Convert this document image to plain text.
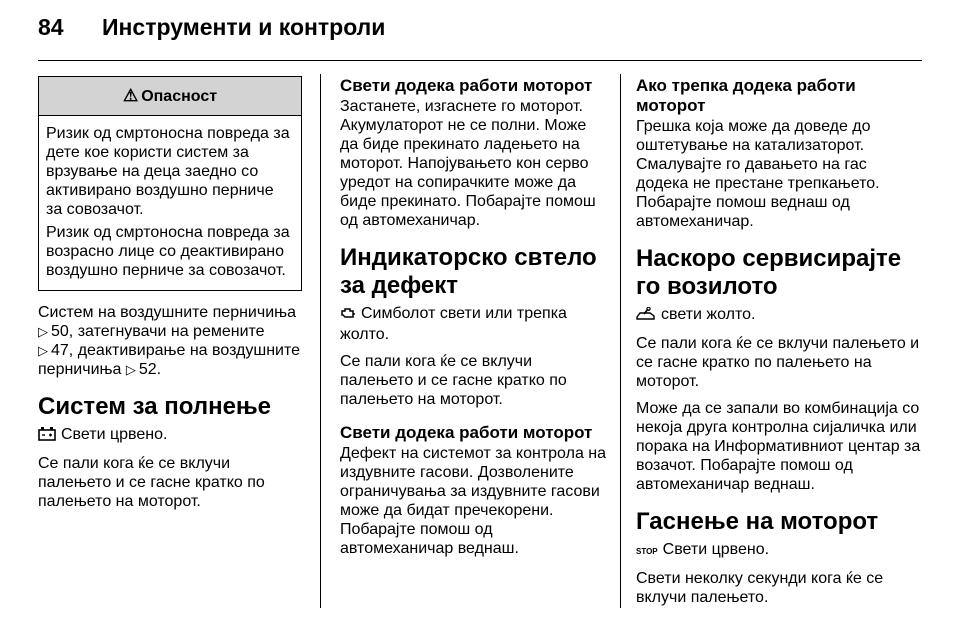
84 Инструменти и контроли
⚠ Опасност

Ризик од смртоносна повреда за дете кое користи систем за врзување на деца заедно со активирано воздушно перниче за совозачот.

Ризик од смртоносна повреда за возрасно лице со деактивирано воздушно перниче за совозачот.

Систем на воздушните перничиња
▷ 50, затегнувачи на ремените
▷ 47, деактивирање на воздушните перничиња ▷ 52.

Систем за полнење

Свети црвено.

Се пали кога ќе се вклучи палењето и се гасне кратко по палењето на моторот.

Свети додека работи моторот

Застанете, изгаснете го моторот. Акумулаторот не се полни. Може да биде прекинато ладењето на моторот. Напојувањето кон серво уредот на сопирачките може да биде прекинато. Побарајте помош од автомеханичар.

Индикаторско свтело за дефект

Симболот свети или трепка жолто.

Се пали кога ќе се вклучи палењето и се гасне кратко по палењето на моторот.

Свети додека работи моторот

Дефект на системот за контрола на издувните гасови. Дозволените ограничувања за издувните гасови може да бидат пречекорени. Побарајте помош од автомеханичар веднаш.

Ако трепка додека работи моторот

Грешка која може да доведе до оштетување на катализаторот. Смалувајте го давањето на гас додека не престане трепкањето. Побарајте помош веднаш од автомеханичар.

Наскоро сервисирајте го возилото

свети жолто.

Се пали кога ќе се вклучи палењето и се гасне кратко по палењето на моторот.

Може да се запали во комбинација со некоја друга контролна сијаличка или порака на Информативниот центар за возачот. Побарајте помош од автомеханичар веднаш.

Гаснење на моторот

STOP Свети црвено.

Свети неколку секунди кога ќе се вклучи палењето.
